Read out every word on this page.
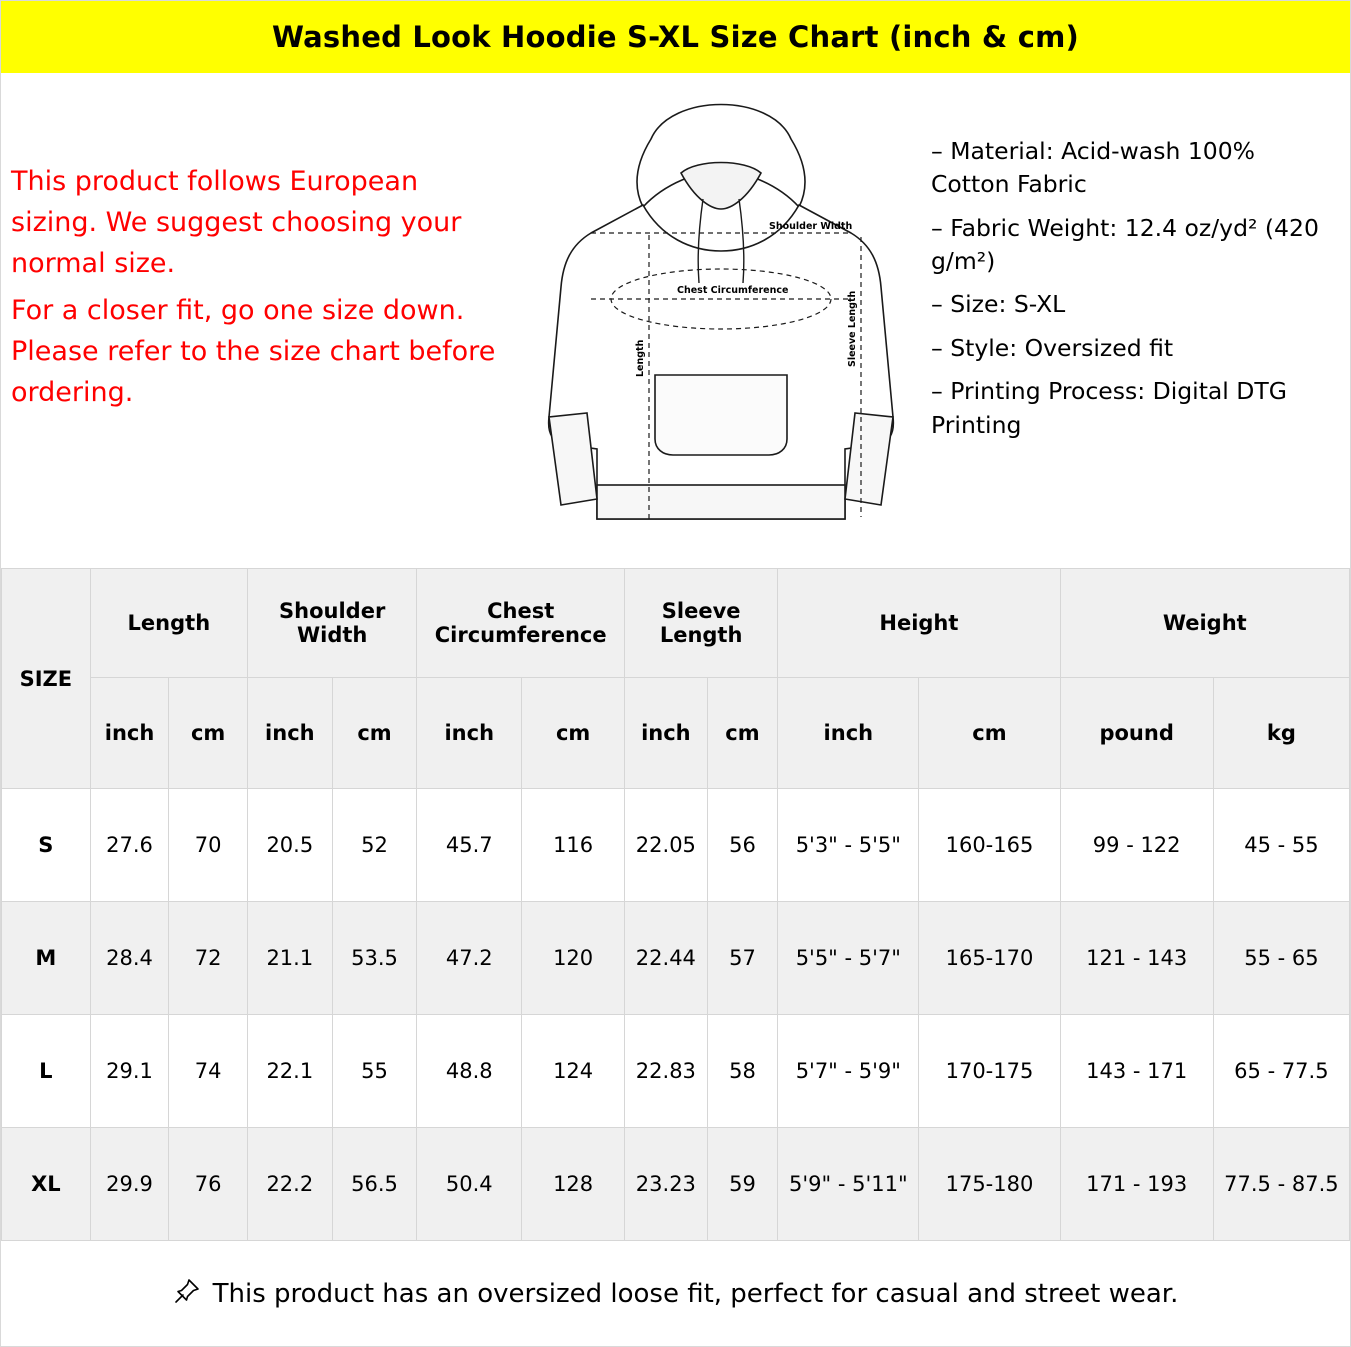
Washed Look Hoodie S-XL Size Chart (inch & cm)

This product follows European sizing. We suggest choosing your normal size.

For a closer fit, go one size down. Please refer to the size chart before ordering.

Shoulder Width
Chest Circumference
Length	Sleeve Length

– Material: Acid-wash 100% Cotton Fabric

– Fabric Weight: 12.4 oz/yd² (420 g/m²)

– Size: S-XL

– Style: Oversized fit

– Printing Process: Digital DTG Printing

SIZE	Length		Shoulder Width		Chest Circumference		Sleeve Length		Height		Weight	
	inch	cm	inch	cm	inch	cm	inch	cm	inch	cm	pound	kg
S	27.6	70	20.5	52	45.7	116	22.05	56	5'3" - 5'5"	160-165	99 - 122	45 - 55
M	28.4	72	21.1	53.5	47.2	120	22.44	57	5'5" - 5'7"	165-170	121 - 143	55 - 65
L	29.1	74	22.1	55	48.8	124	22.83	58	5'7" - 5'9"	170-175	143 - 171	65 - 77.5
XL	29.9	76	22.2	56.5	50.4	128	23.23	59	5'9" - 5'11"	175-180	171 - 193	77.5 - 87.5
This product has an oversized loose fit, perfect for casual and street wear.
